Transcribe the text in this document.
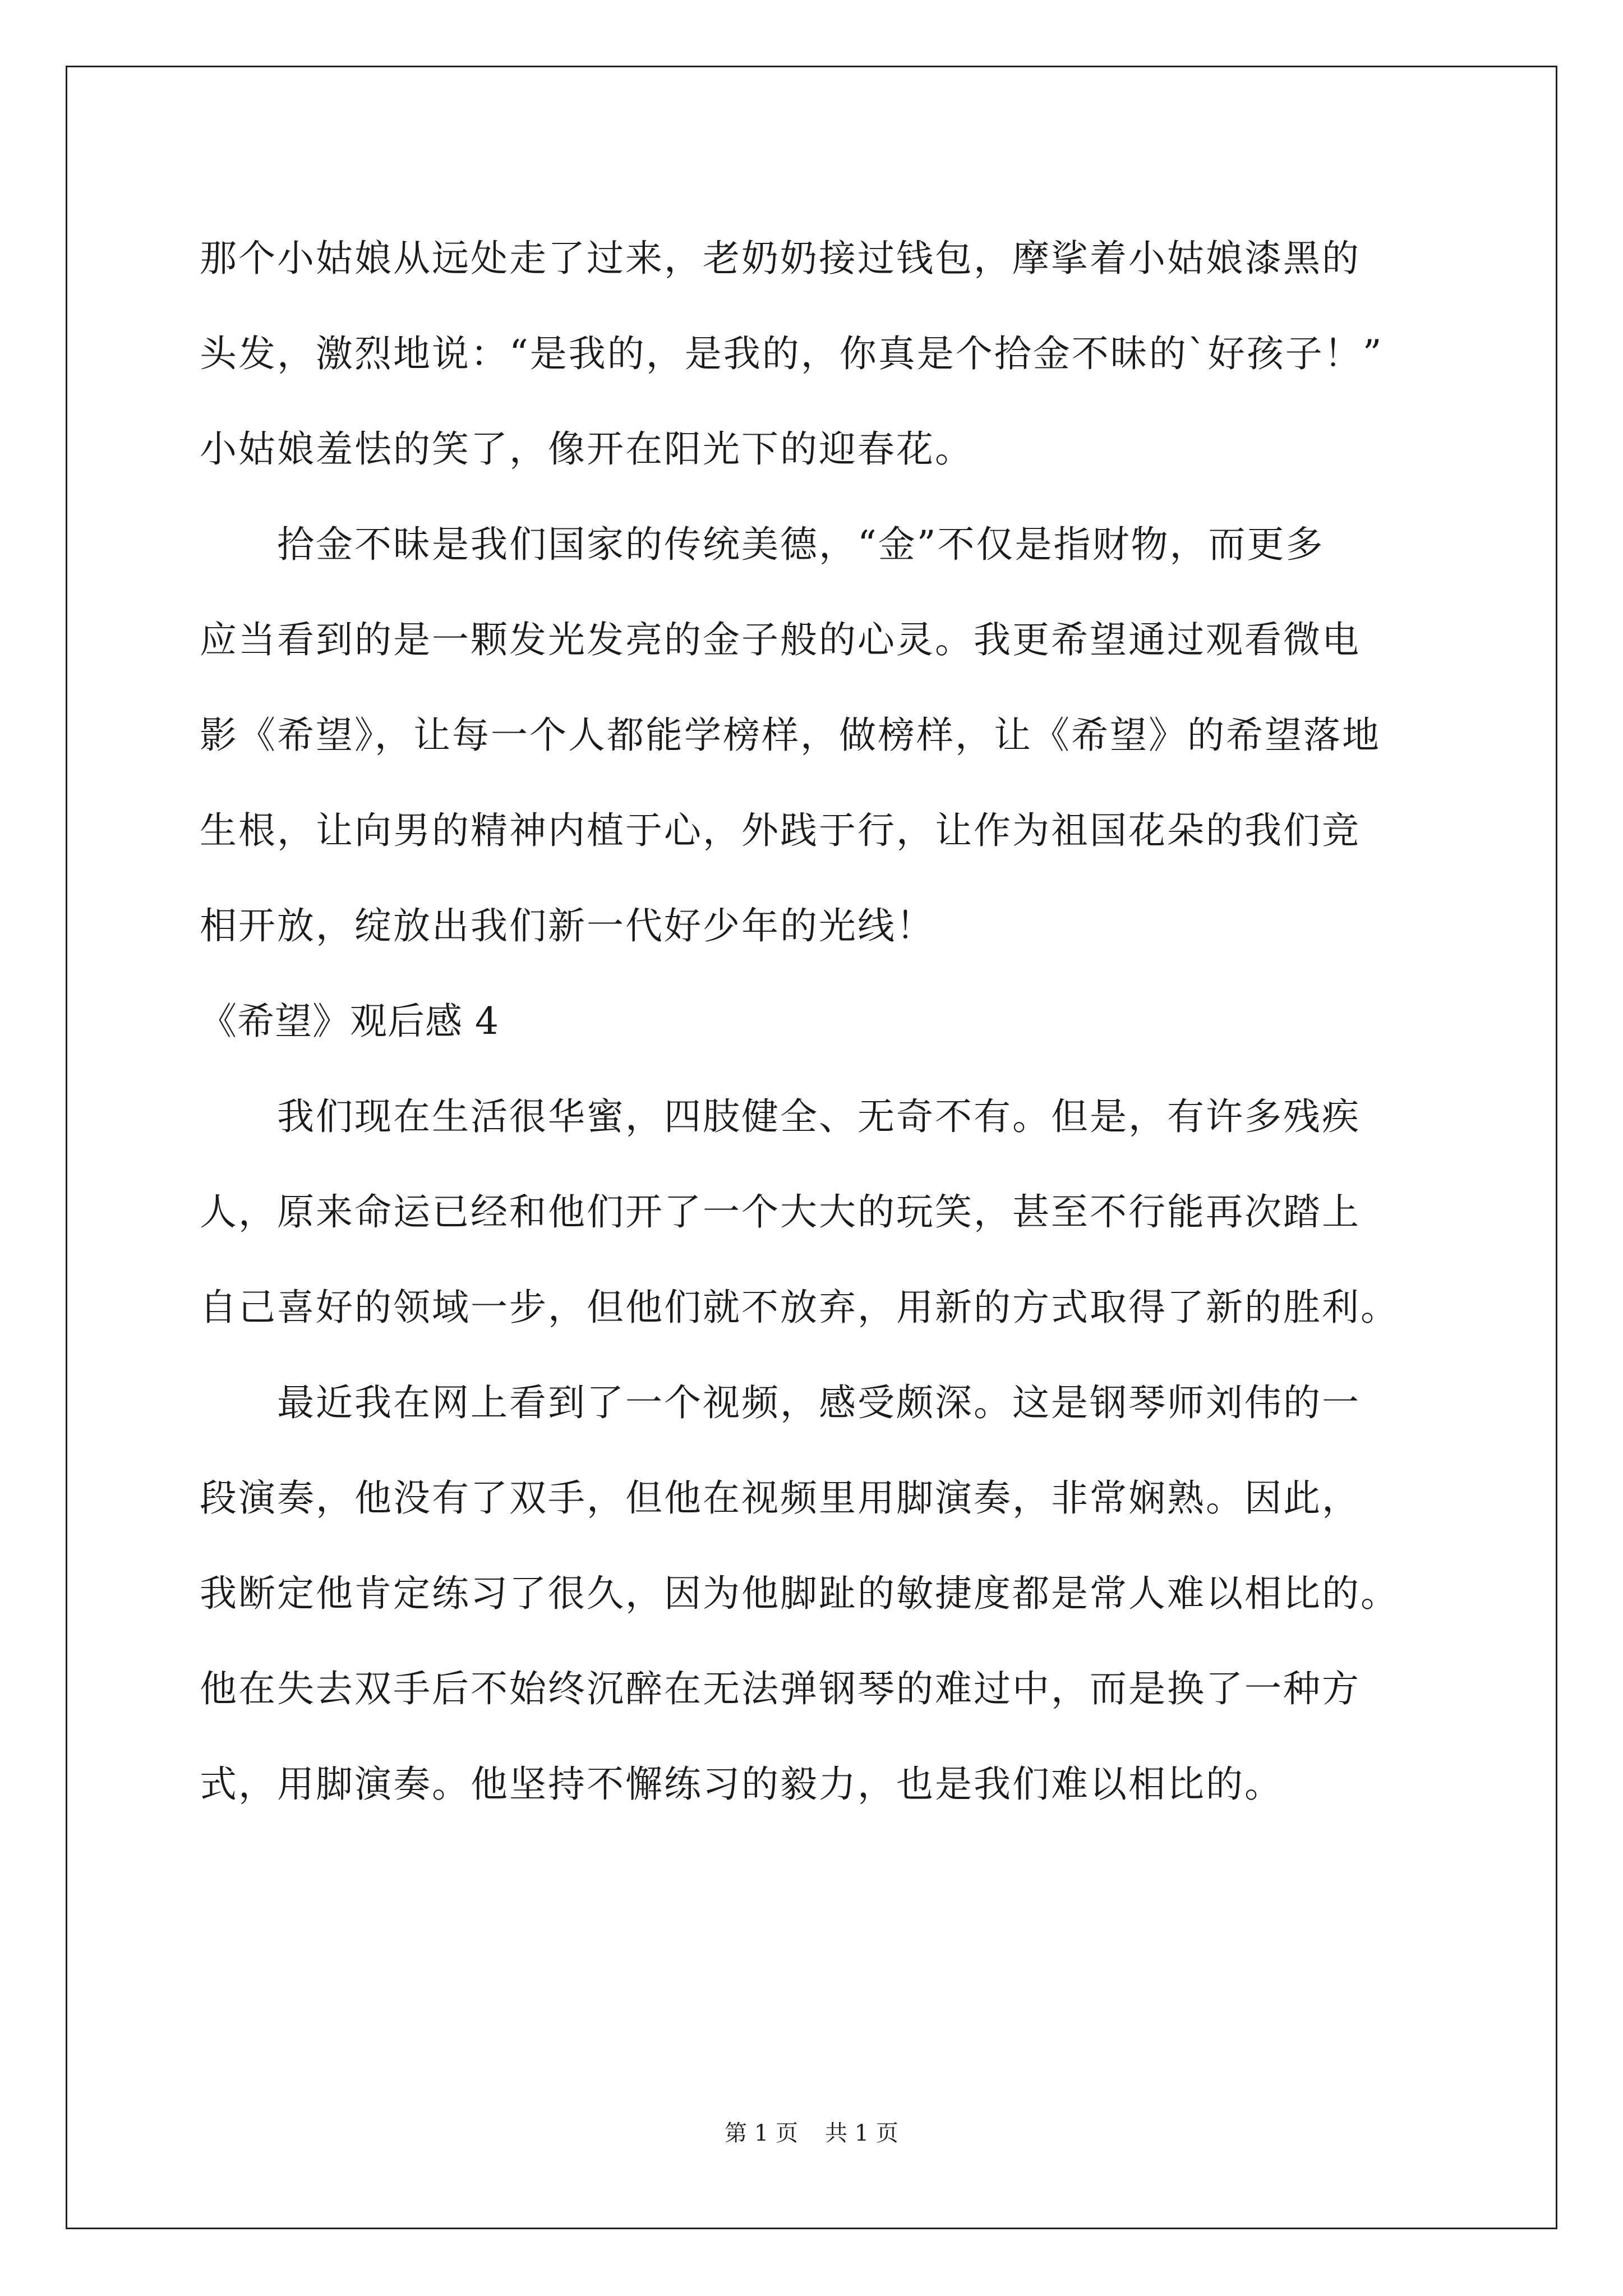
那个小姑娘从远处走了过来，老奶奶接过钱包，摩挲着小姑娘漆黑的
头发，激烈地说：“是我的，是我的，你真是个拾金不昧的`好孩子！”
小姑娘羞怯的笑了，像开在阳光下的迎春花。
　　拾金不昧是我们国家的传统美德，“金”不仅是指财物，而更多
应当看到的是一颗发光发亮的金子般的心灵。我更希望通过观看微电
影《希望》，让每一个人都能学榜样，做榜样，让《希望》的希望落地
生根，让向男的精神内植于心，外践于行，让作为祖国花朵的我们竞
相开放，绽放出我们新一代好少年的光线！
《希望》观后感 4
　　我们现在生活很华蜜，四肢健全、无奇不有。但是，有许多残疾
人，原来命运已经和他们开了一个大大的玩笑，甚至不行能再次踏上
自己喜好的领域一步，但他们就不放弃，用新的方式取得了新的胜利。
　　最近我在网上看到了一个视频，感受颇深。这是钢琴师刘伟的一
段演奏，他没有了双手，但他在视频里用脚演奏，非常娴熟。因此，
我断定他肯定练习了很久，因为他脚趾的敏捷度都是常人难以相比的。
他在失去双手后不始终沉醉在无法弹钢琴的难过中，而是换了一种方
式，用脚演奏。他坚持不懈练习的毅力，也是我们难以相比的。
第 1 页 共 1 页
